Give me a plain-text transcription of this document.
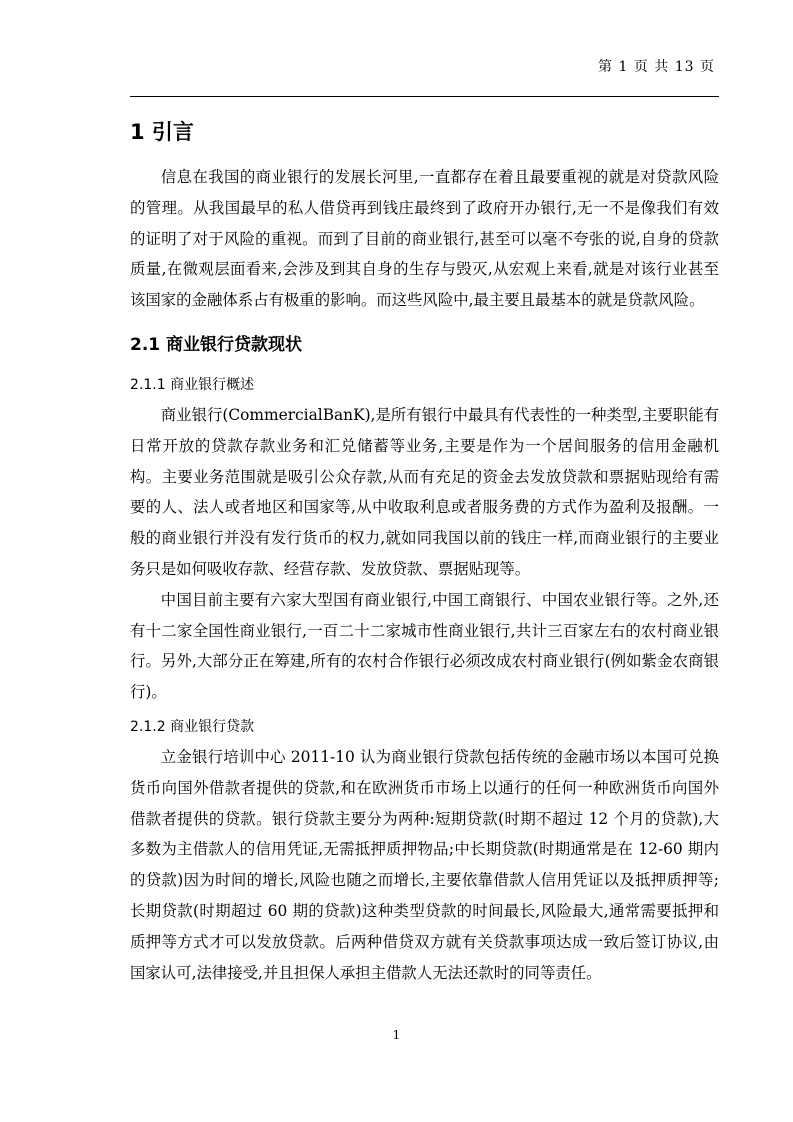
第 1 页 共 13 页
1 引言

信息在我国的商业银行的发展长河里,一直都存在着且最要重视的就是对贷款风险的管理。从我国最早的私人借贷再到钱庄最终到了政府开办银行,无一不是像我们有效的证明了对于风险的重视。而到了目前的商业银行,甚至可以毫不夸张的说,自身的贷款质量,在微观层面看来,会涉及到其自身的生存与毁灭,从宏观上来看,就是对该行业甚至该国家的金融体系占有极重的影响。而这些风险中,最主要且最基本的就是贷款风险。

2.1 商业银行贷款现状
2.1.1 商业银行概述

商业银行(CommercialBanK),是所有银行中最具有代表性的一种类型,主要职能有日常开放的贷款存款业务和汇兑储蓄等业务,主要是作为一个居间服务的信用金融机构。主要业务范围就是吸引公众存款,从而有充足的资金去发放贷款和票据贴现给有需要的人、法人或者地区和国家等,从中收取利息或者服务费的方式作为盈利及报酬。一般的商业银行并没有发行货币的权力,就如同我国以前的钱庄一样,而商业银行的主要业务只是如何吸收存款、经营存款、发放贷款、票据贴现等。

中国目前主要有六家大型国有商业银行,中国工商银行、中国农业银行等。之外,还有十二家全国性商业银行,一百二十二家城市性商业银行,共计三百家左右的农村商业银行。另外,大部分正在筹建,所有的农村合作银行必须改成农村商业银行(例如紫金农商银行)。

2.1.2 商业银行贷款

立金银行培训中心 2011-10 认为商业银行贷款包括传统的金融市场以本国可兑换货币向国外借款者提供的贷款,和在欧洲货币市场上以通行的任何一种欧洲货币向国外借款者提供的贷款。银行贷款主要分为两种:短期贷款(时期不超过 12 个月的贷款),大多数为主借款人的信用凭证,无需抵押质押物品;中长期贷款(时期通常是在 12-60 期内的贷款)因为时间的增长,风险也随之而增长,主要依靠借款人信用凭证以及抵押质押等;长期贷款(时期超过 60 期的贷款)这种类型贷款的时间最长,风险最大,通常需要抵押和质押等方式才可以发放贷款。后两种借贷双方就有关贷款事项达成一致后签订协议,由国家认可,法律接受,并且担保人承担主借款人无法还款时的同等责任。

1
